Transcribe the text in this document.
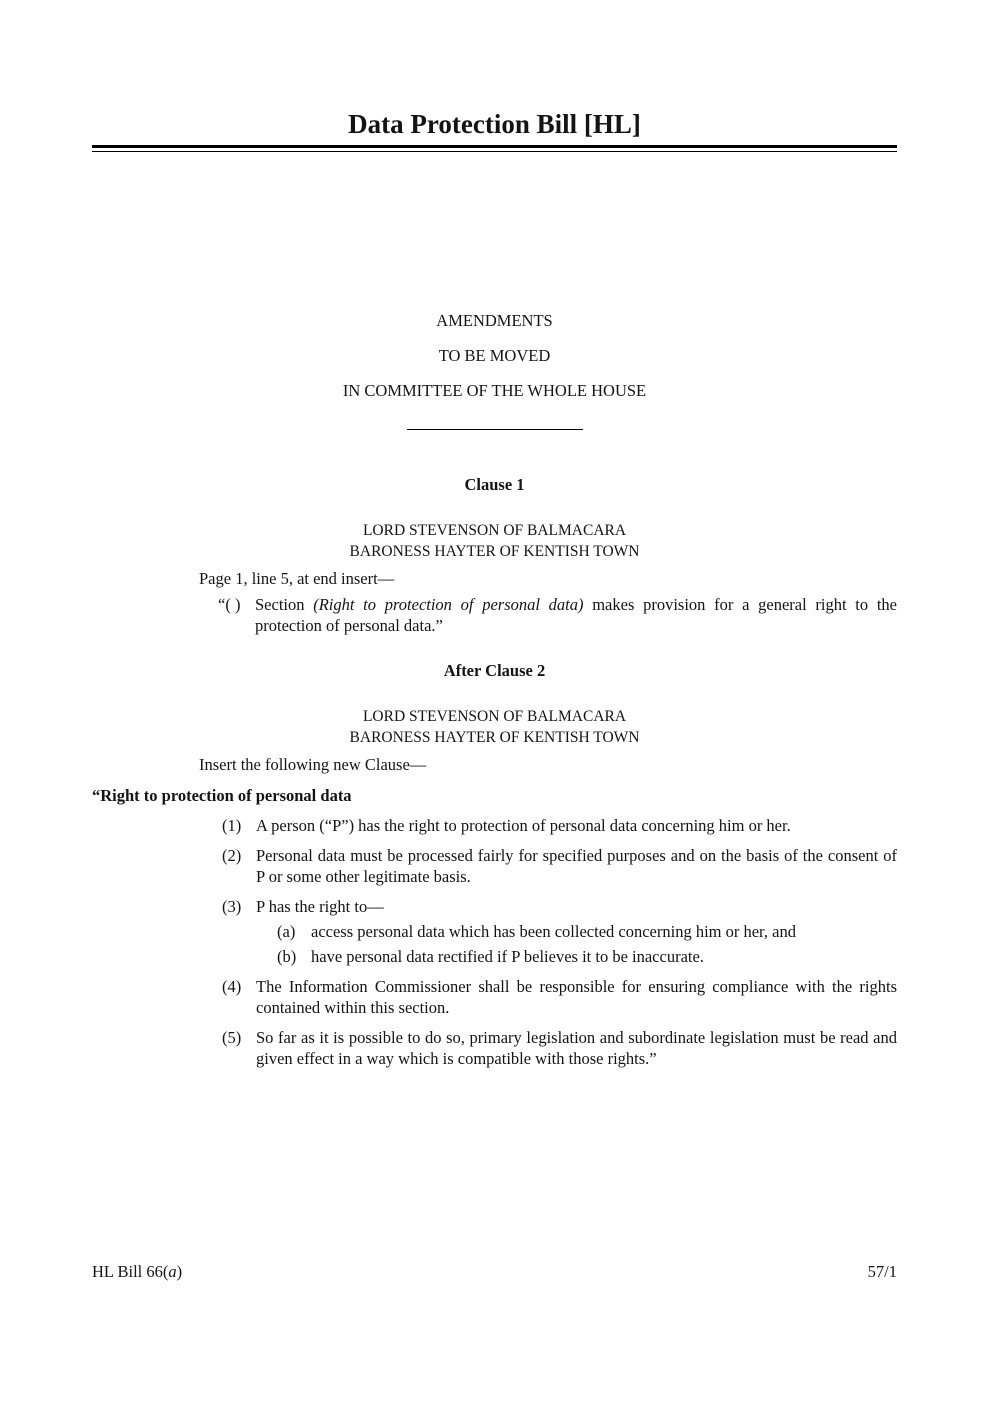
Data Protection Bill [HL]

AMENDMENTS

TO BE MOVED

IN COMMITTEE OF THE WHOLE HOUSE

Clause 1

LORD STEVENSON OF BALMACARA

BARONESS HAYTER OF KENTISH TOWN

Page 1, line 5, at end insert—

“( ) Section (Right to protection of personal data) makes provision for a general right to the protection of personal data.”

After Clause 2

LORD STEVENSON OF BALMACARA

BARONESS HAYTER OF KENTISH TOWN

Insert the following new Clause—

“Right to protection of personal data

(1) A person (“P”) has the right to protection of personal data concerning him or her.

(2) Personal data must be processed fairly for specified purposes and on the basis of the consent of P or some other legitimate basis.

(3) P has the right to—

(a) access personal data which has been collected concerning him or her, and

(b) have personal data rectified if P believes it to be inaccurate.

(4) The Information Commissioner shall be responsible for ensuring compliance with the rights contained within this section.

(5) So far as it is possible to do so, primary legislation and subordinate legislation must be read and given effect in a way which is compatible with those rights.”

HL Bill 66(a)	57/1
